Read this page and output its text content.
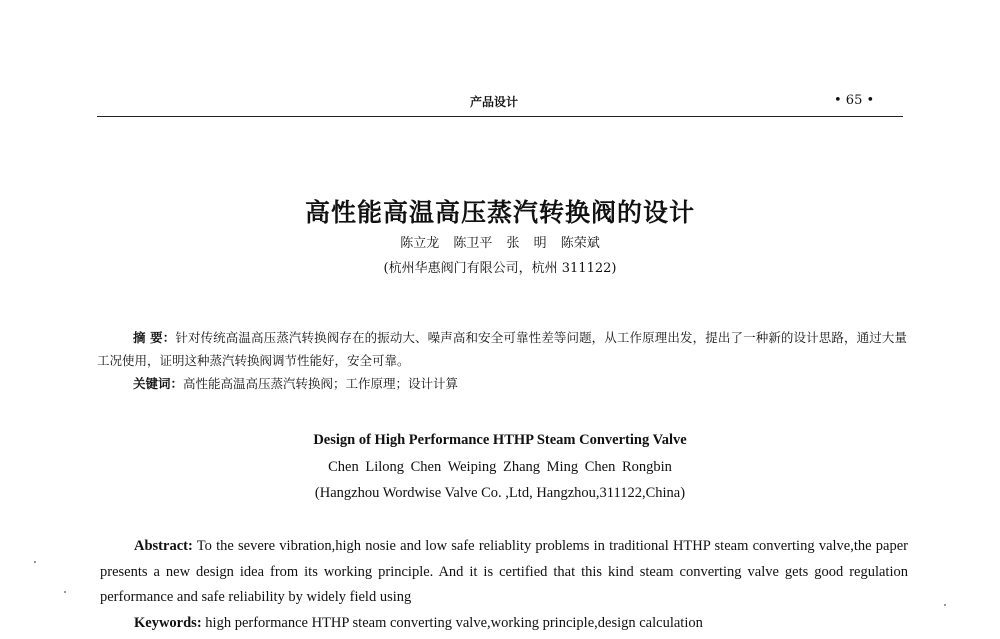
产品设计	• 65 •
高性能高温高压蒸汽转换阀的设计
陈立龙 陈卫平 张 明 陈荣斌
(杭州华惠阀门有限公司，杭州 311122)
摘 要：针对传统高温高压蒸汽转换阀存在的振动大、噪声高和安全可靠性差等问题，从工作原理出发，提出了一种新的设计思路，通过大量工况使用，证明这种蒸汽转换阀调节性能好，安全可靠。
关键词：高性能高温高压蒸汽转换阀；工作原理；设计计算
Design of High Performance HTHP Steam Converting Valve
Chen Lilong Chen Weiping Zhang Ming Chen Rongbin
(Hangzhou Wordwise Valve Co. ,Ltd, Hangzhou,311122,China)
Abstract: To the severe vibration,high nosie and low safe reliablity problems in traditional HTHP steam converting valve,the paper presents a new design idea from its working principle. And it is certified that this kind steam converting valve gets good regulation performance and safe reliability by widely field using
Keywords: high performance HTHP steam converting valve,working principle,design calculation
